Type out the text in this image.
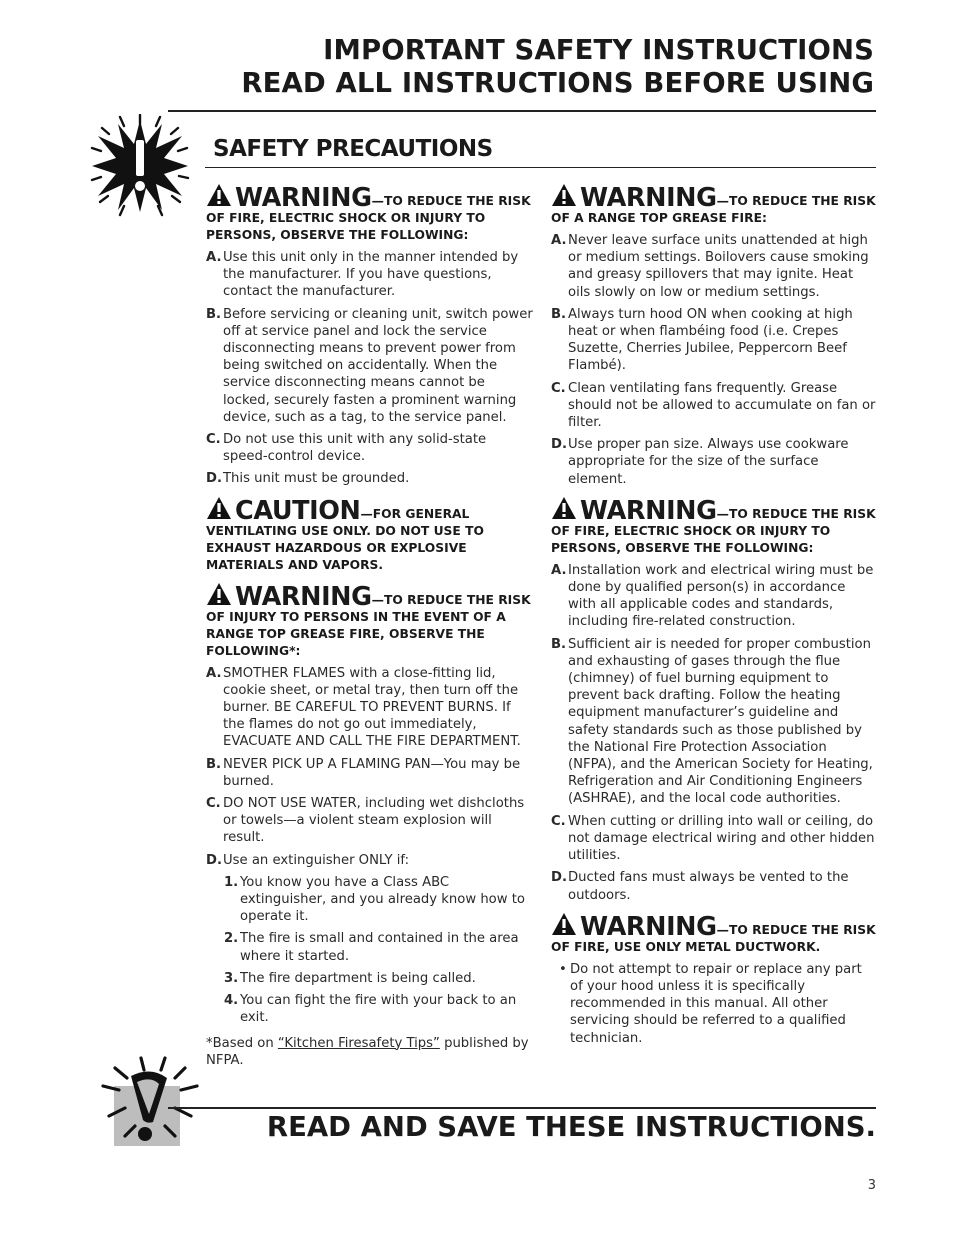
IMPORTANT SAFETY INSTRUCTIONS
READ ALL INSTRUCTIONS BEFORE USING
SAFETY PRECAUTIONS
WARNING—TO REDUCE THE RISK OF FIRE, ELECTRIC SHOCK OR INJURY TO PERSONS, OBSERVE THE FOLLOWING:
A. Use this unit only in the manner intended by the manufacturer. If you have questions, contact the manufacturer.
B. Before servicing or cleaning unit, switch power off at service panel and lock the service disconnecting means to prevent power from being switched on accidentally. When the service disconnecting means cannot be locked, securely fasten a prominent warning device, such as a tag, to the service panel.
C. Do not use this unit with any solid-state speed-control device.
D. This unit must be grounded.
CAUTION—FOR GENERAL VENTILATING USE ONLY. DO NOT USE TO EXHAUST HAZARDOUS OR EXPLOSIVE MATERIALS AND VAPORS.
WARNING—TO REDUCE THE RISK OF INJURY TO PERSONS IN THE EVENT OF A RANGE TOP GREASE FIRE, OBSERVE THE FOLLOWING*:
A. SMOTHER FLAMES with a close-fitting lid, cookie sheet, or metal tray, then turn off the burner. BE CAREFUL TO PREVENT BURNS. If the flames do not go out immediately, EVACUATE AND CALL THE FIRE DEPARTMENT.
B. NEVER PICK UP A FLAMING PAN—You may be burned.
C. DO NOT USE WATER, including wet dishcloths or towels—a violent steam explosion will result.
D. Use an extinguisher ONLY if:
1. You know you have a Class ABC extinguisher, and you already know how to operate it.
2. The fire is small and contained in the area where it started.
3. The fire department is being called.
4. You can fight the fire with your back to an exit.
*Based on “Kitchen Firesafety Tips” published by NFPA.
WARNING—TO REDUCE THE RISK OF A RANGE TOP GREASE FIRE:
A. Never leave surface units unattended at high or medium settings. Boilovers cause smoking and greasy spillovers that may ignite. Heat oils slowly on low or medium settings.
B. Always turn hood ON when cooking at high heat or when flambéing food (i.e. Crepes Suzette, Cherries Jubilee, Peppercorn Beef Flambé).
C. Clean ventilating fans frequently. Grease should not be allowed to accumulate on fan or filter.
D. Use proper pan size. Always use cookware appropriate for the size of the surface element.
WARNING—TO REDUCE THE RISK OF FIRE, ELECTRIC SHOCK OR INJURY TO PERSONS, OBSERVE THE FOLLOWING:
A. Installation work and electrical wiring must be done by qualified person(s) in accordance with all applicable codes and standards, including fire-related construction.
B. Sufficient air is needed for proper combustion and exhausting of gases through the flue (chimney) of fuel burning equipment to prevent back drafting. Follow the heating equipment manufacturer’s guideline and safety standards such as those published by the National Fire Protection Association (NFPA), and the American Society for Heating, Refrigeration and Air Conditioning Engineers (ASHRAE), and the local code authorities.
C. When cutting or drilling into wall or ceiling, do not damage electrical wiring and other hidden utilities.
D. Ducted fans must always be vented to the outdoors.
WARNING—TO REDUCE THE RISK OF FIRE, USE ONLY METAL DUCTWORK.
• Do not attempt to repair or replace any part of your hood unless it is specifically recommended in this manual. All other servicing should be referred to a qualified technician.
READ AND SAVE THESE INSTRUCTIONS.
3
